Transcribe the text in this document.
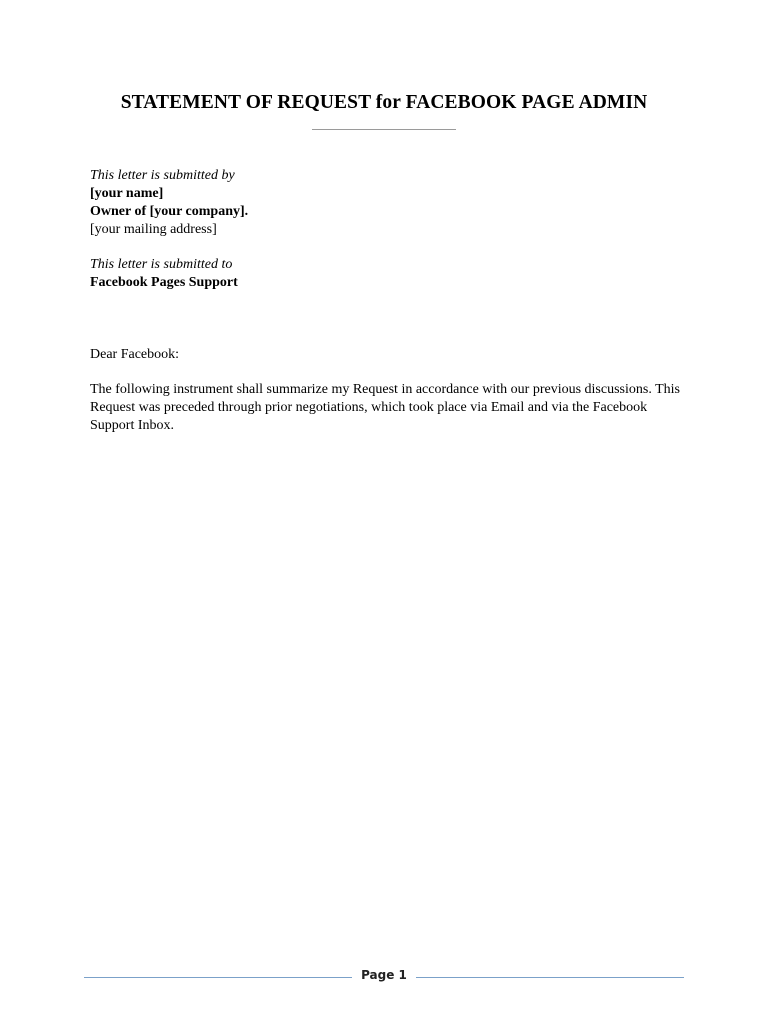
STATEMENT OF REQUEST for FACEBOOK PAGE ADMIN

This letter is submitted by

[your name]

Owner of [your company].

[your mailing address]

This letter is submitted to

Facebook Pages Support

Dear Facebook:

The following instrument shall summarize my Request in accordance with our previous discussions. This Request was preceded through prior negotiations, which took place via Email and via the Facebook Support Inbox.

Page 1
